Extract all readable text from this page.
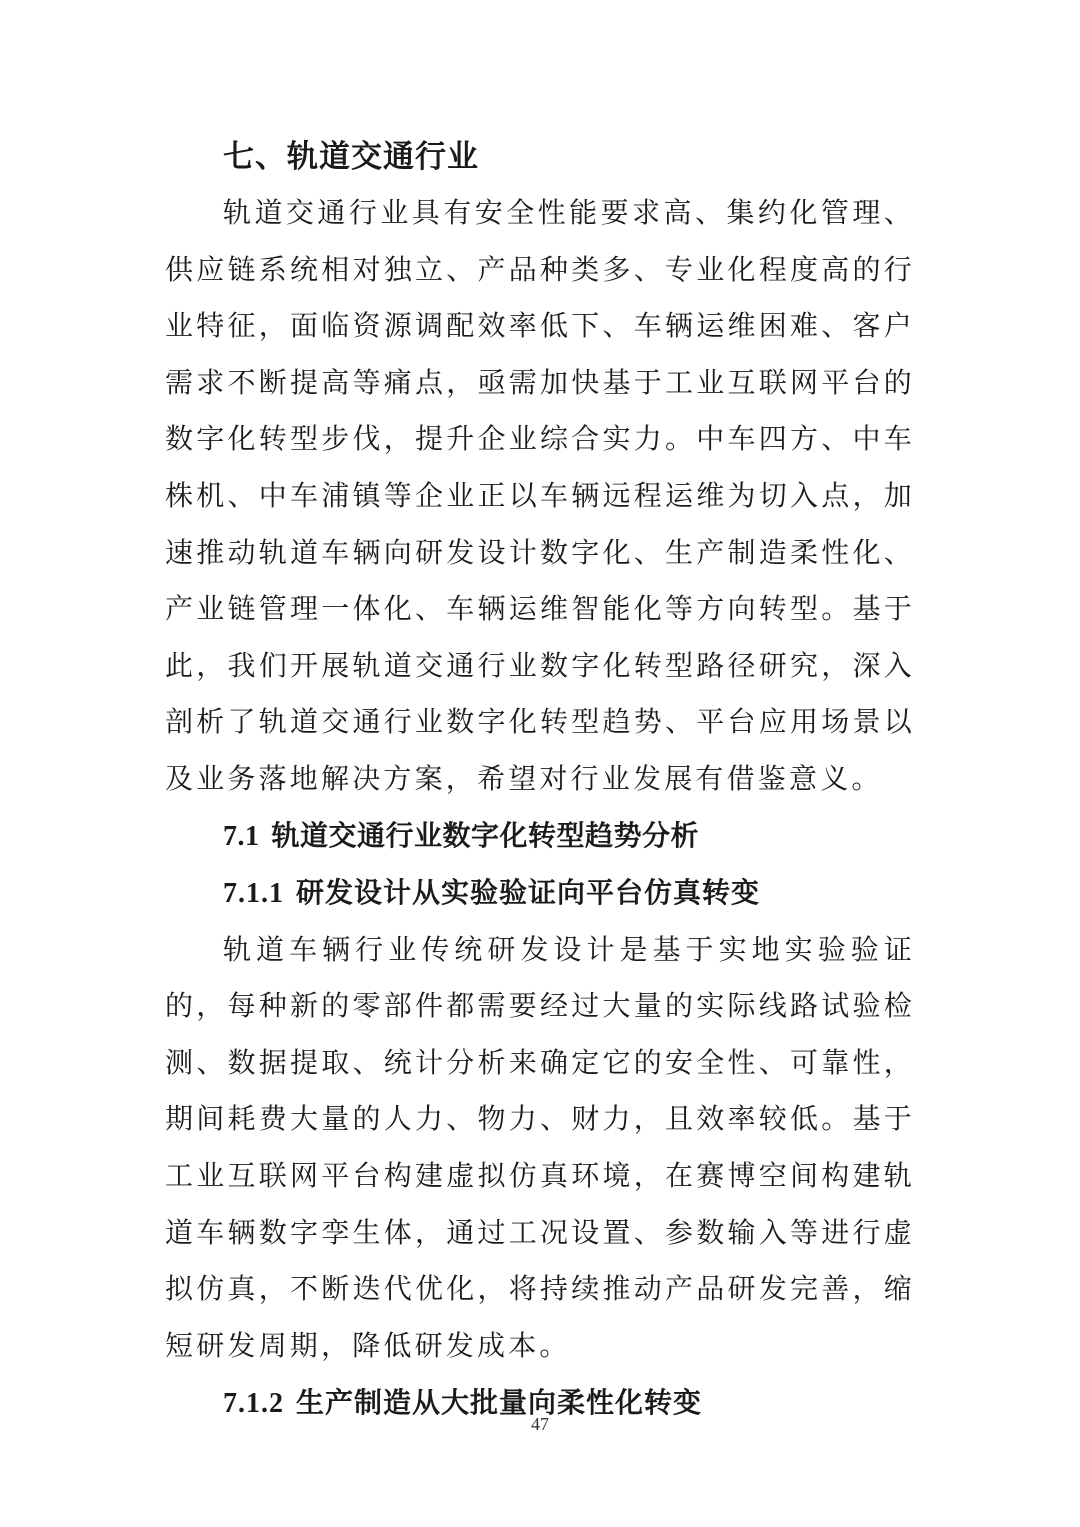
七、轨道交通行业

轨道交通行业具有安全性能要求高、集约化管理、供应链系统相对独立、产品种类多、专业化程度高的行业特征，面临资源调配效率低下、车辆运维困难、客户需求不断提高等痛点，亟需加快基于工业互联网平台的数字化转型步伐，提升企业综合实力。中车四方、中车株机、中车浦镇等企业正以车辆远程运维为切入点，加速推动轨道车辆向研发设计数字化、生产制造柔性化、产业链管理一体化、车辆运维智能化等方向转型。基于此，我们开展轨道交通行业数字化转型路径研究，深入剖析了轨道交通行业数字化转型趋势、平台应用场景以及业务落地解决方案，希望对行业发展有借鉴意义。

7.1 轨道交通行业数字化转型趋势分析
7.1.1 研发设计从实验验证向平台仿真转变

轨道车辆行业传统研发设计是基于实地实验验证的，每种新的零部件都需要经过大量的实际线路试验检测、数据提取、统计分析来确定它的安全性、可靠性，期间耗费大量的人力、物力、财力，且效率较低。基于工业互联网平台构建虚拟仿真环境，在赛博空间构建轨道车辆数字孪生体，通过工况设置、参数输入等进行虚拟仿真，不断迭代优化，将持续推动产品研发完善，缩短研发周期，降低研发成本。

7.1.2 生产制造从大批量向柔性化转变
47
